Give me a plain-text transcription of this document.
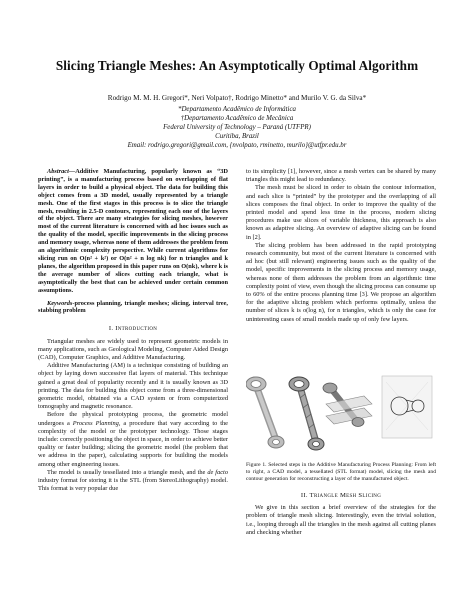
Slicing Triangle Meshes: An Asymptotically Optimal Algorithm
Rodrigo M. M. H. Gregori*, Neri Volpato†, Rodrigo Minetto* and Murilo V. G. da Silva*
*Departamento Acadêmico de Informática
†Departamento Acadêmico de Mecânica
Federal University of Technology – Paraná (UTFPR)
Curitiba, Brazil
Email: rodrigo.gregori@gmail.com, {nvolpato, rminetto, murilo}@utfpr.edu.br

Abstract—Additive Manufacturing, popularly known as “3D printing”, is a manufacturing process based on overlapping of flat layers in order to build a physical object. The data for building this object comes from a 3D model, usually represented by a triangle mesh. One of the first stages in this process is to slice the triangle mesh, resulting in 2.5-D contours, representing each one of the layers of the object. There are many strategies for slicing meshes, however most of the current literature is concerned with ad hoc issues such as the quality of the model, specific improvements in the slicing process and memory usage, whereas none of them addresses the problem from an algorithmic complexity perspective. While current algorithms for slicing run on O(n² + k²) or O(n² + n log nk) for n triangles and k planes, the algorithm proposed in this paper runs on O(nk), where k is the average number of slices cutting each triangle, what is asymptotically the best that can be achieved under certain common assumptions.

Keywords-process planning, triangle meshes; slicing, interval tree, stabbing problem

I. Introduction

Triangular meshes are widely used to represent geometric models in many applications, such as Geological Modeling, Computer Aided Design (CAD), Computer Graphics, and Additive Manufacturing.

Additive Manufacturing (AM) is a technique consisting of building an object by laying down successive flat layers of material. This technique gained a great deal of popularity recently and it is usually known as 3D printing. The data for building this object come from a three-dimensional geometric model, obtained via a CAD system or from computerized tomography and magnetic resonance.

Before the physical prototyping process, the geometric model undergoes a Process Planning, a procedure that vary according to the complexity of the model or the prototyper technology. Those stages include: correctly positioning the object in space, in order to achieve better quality or faster building; slicing the geometric model (the problem that we address in the paper), calculating supports for building the models among other engineering issues.

The model is usually tessellated into a triangle mesh, and the de facto industry format for storing it is the STL (from StereoLithography) model. This format is very popular due

to its simplicity [1], however, since a mesh vertex can be shared by many triangles this might lead to redundancy.

The mesh must be sliced in order to obtain the contour information, and each slice is “printed” by the prototyper and the overlapping of all slices composes the final object. In order to improve the quality of the printed model and spend less time in the process, modern slicing procedures make use slices of variable thickness, this approach is also known as adaptive slicing. An overview of adaptive slicing can be found in [2].

The slicing problem has been addressed in the rapid prototyping research community, but most of the current literature is concerned with ad hoc (but still relevant) engineering issues such as the quality of the model, specific improvements in the slicing process and memory usage, whereas none of them addresses the problem from an algorithmic time complexity point of view, even though the slicing process can consume up to 60% of the entire process planning time [3]. We propose an algorithm for the adaptive slicing problem which performs optimally, unless the number of slices k is o(log n), for n triangles, which is only the case for uninteresting cases of small models made up of only few layers.

Figure 1. Selected steps in the Additive Manufacturing Process Planning: From left to right, a CAD model, a tessellated (STL format) model, slicing the mesh and contour generation for reconstructing a layer of the manufactured object.

II. Triangle Mesh Slicing

We give in this section a brief overview of the strategies for the problem of triangle mesh slicing. Interestingly, even the trivial solution, i.e., looping through all the triangles in the mesh against all cutting planes and checking whether
